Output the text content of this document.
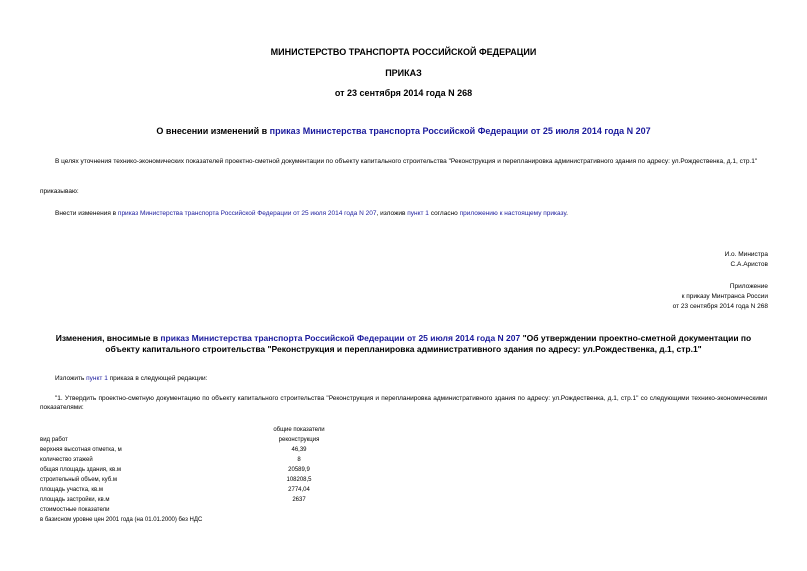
МИНИСТЕРСТВО ТРАНСПОРТА РОССИЙСКОЙ ФЕДЕРАЦИИ
ПРИКАЗ
от 23 сентября 2014 года N 268
О внесении изменений в приказ Министерства транспорта Российской Федерации от 25 июля 2014 года N 207
В целях уточнения технико-экономических показателей проектно-сметной документации по объекту капитального строительства "Реконструкция и перепланировка административного здания по адресу: ул.Рождественка, д.1, стр.1"
приказываю:
Внести изменения в приказ Министерства транспорта Российской Федерации от 25 июля 2014 года N 207, изложив пункт 1 согласно приложению к настоящему приказу.
И.о. Министра
С.А.Аристов
Приложение
к приказу Минтранса России
от 23 сентября 2014 года N 268
Изменения, вносимые в приказ Министерства транспорта Российской Федерации от 25 июля 2014 года N 207 "Об утверждении проектно-сметной документации по объекту капитального строительства "Реконструкция и перепланировка административного здания по адресу: ул.Рождественка, д.1, стр.1"
Изложить пункт 1 приказа в следующей редакции:
"1. Утвердить проектно-сметную документацию по объекту капитального строительства "Реконструкция и перепланировка административного здания по адресу: ул.Рождественка, д.1, стр.1" со следующими технико-экономическими показателями:
	общие показатели
вид работ	реконструкция
верхняя высотная отметка, м	46,39
количество этажей	8
общая площадь здания, кв.м	20589,9
строительный объем, куб.м	108208,5
площадь участка, кв.м	2774,04
площадь застройки, кв.м	2637
стоимостные показатели	
в базисном уровне цен 2001 года (на 01.01.2000) без НДС	
